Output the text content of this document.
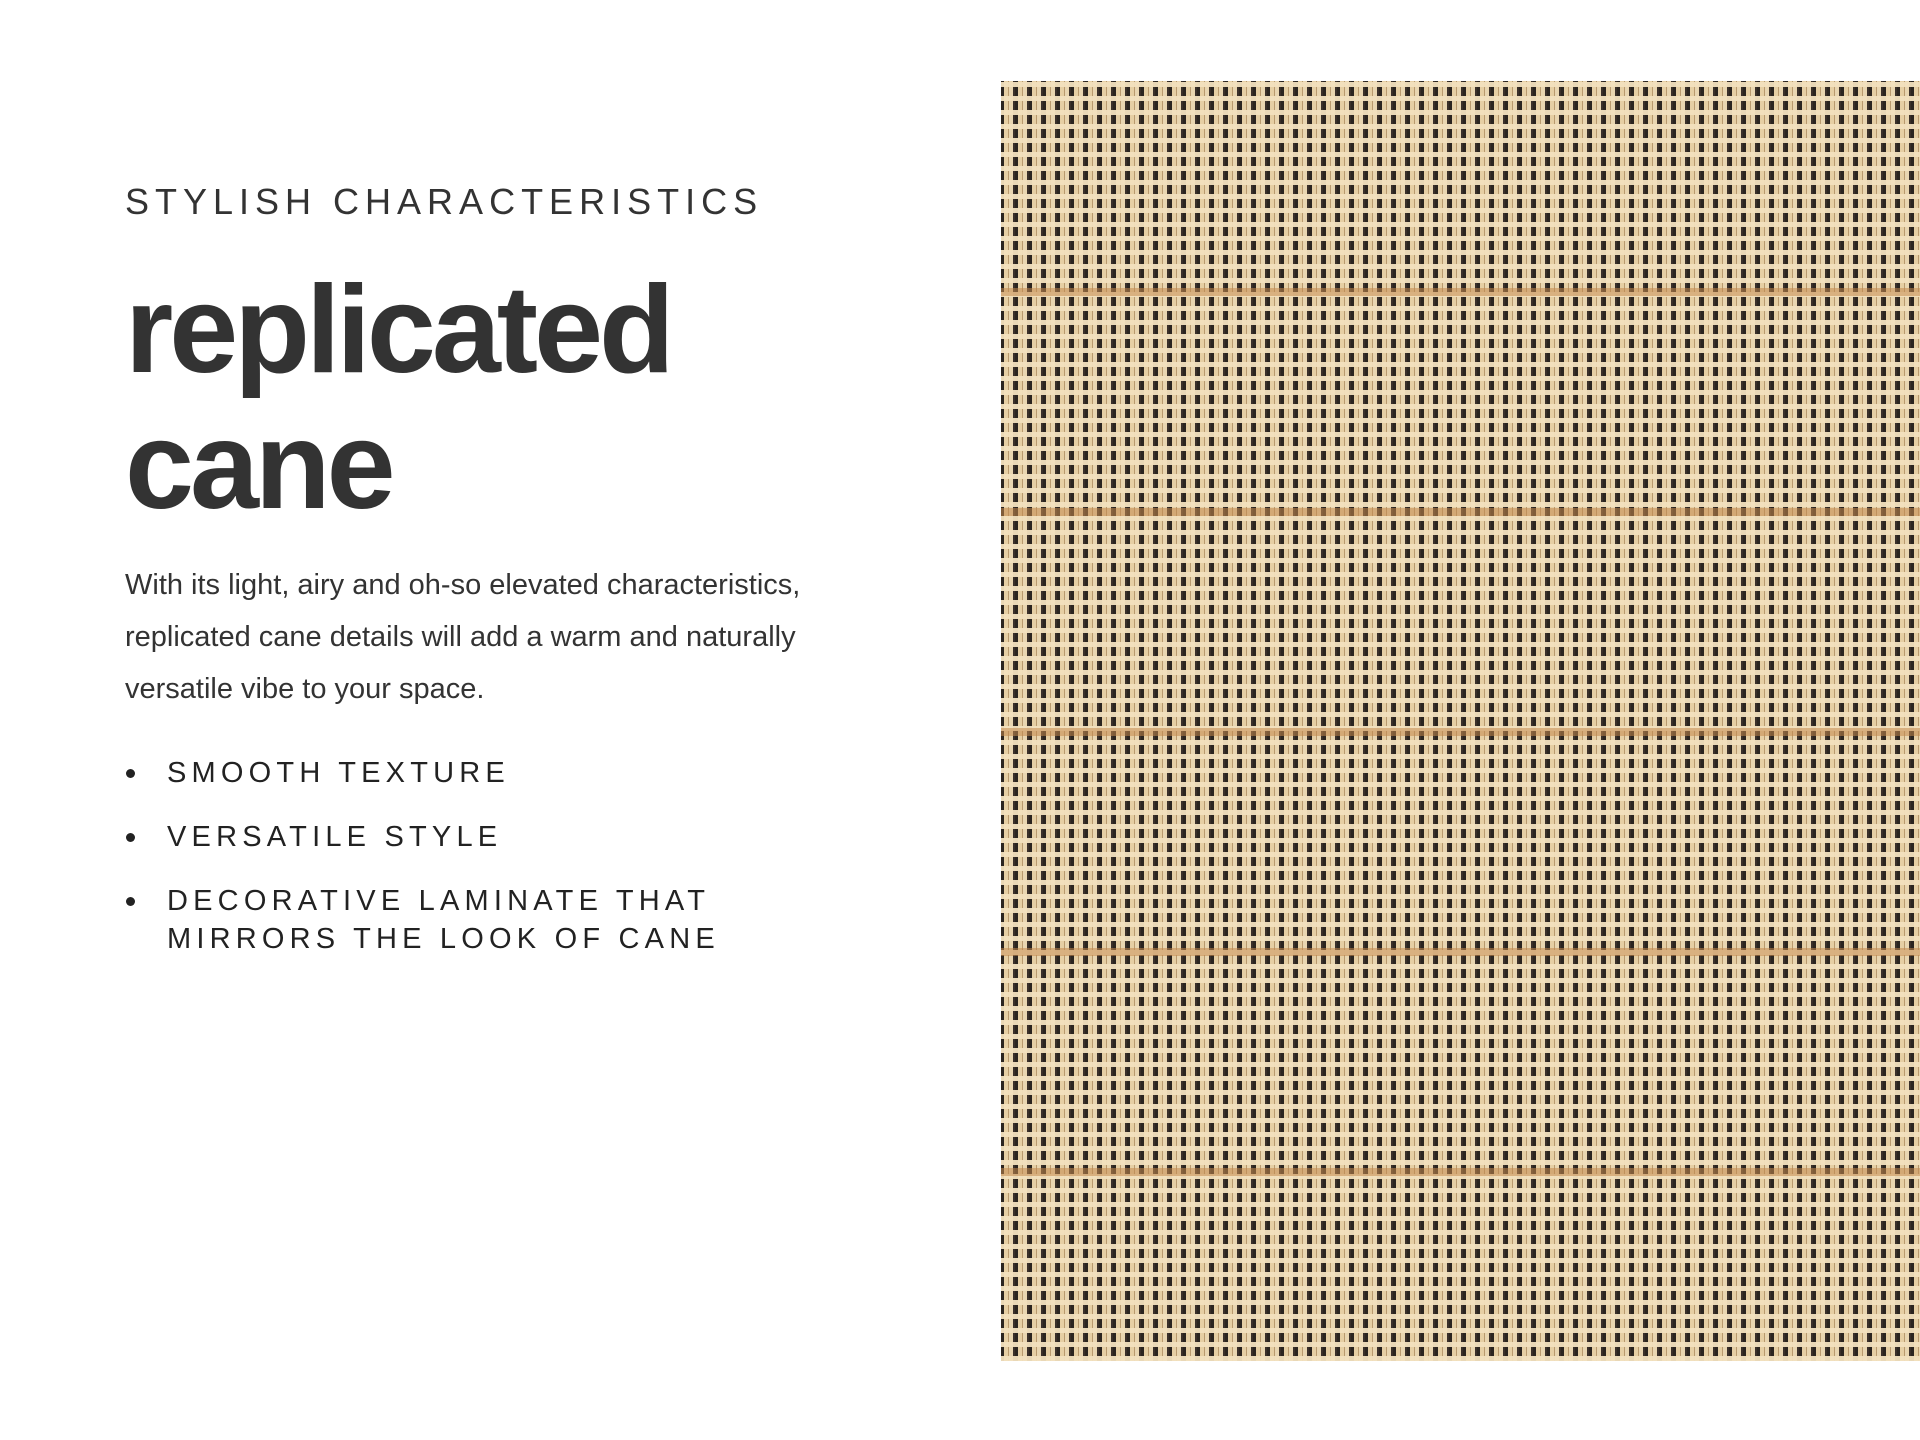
STYLISH CHARACTERISTICS

replicated
cane

With its light, airy and oh-so elevated characteristics, replicated cane details will add a warm and naturally versatile vibe to your space.

SMOOTH TEXTURE
VERSATILE STYLE
DECORATIVE LAMINATE THAT MIRRORS THE LOOK OF CANE
